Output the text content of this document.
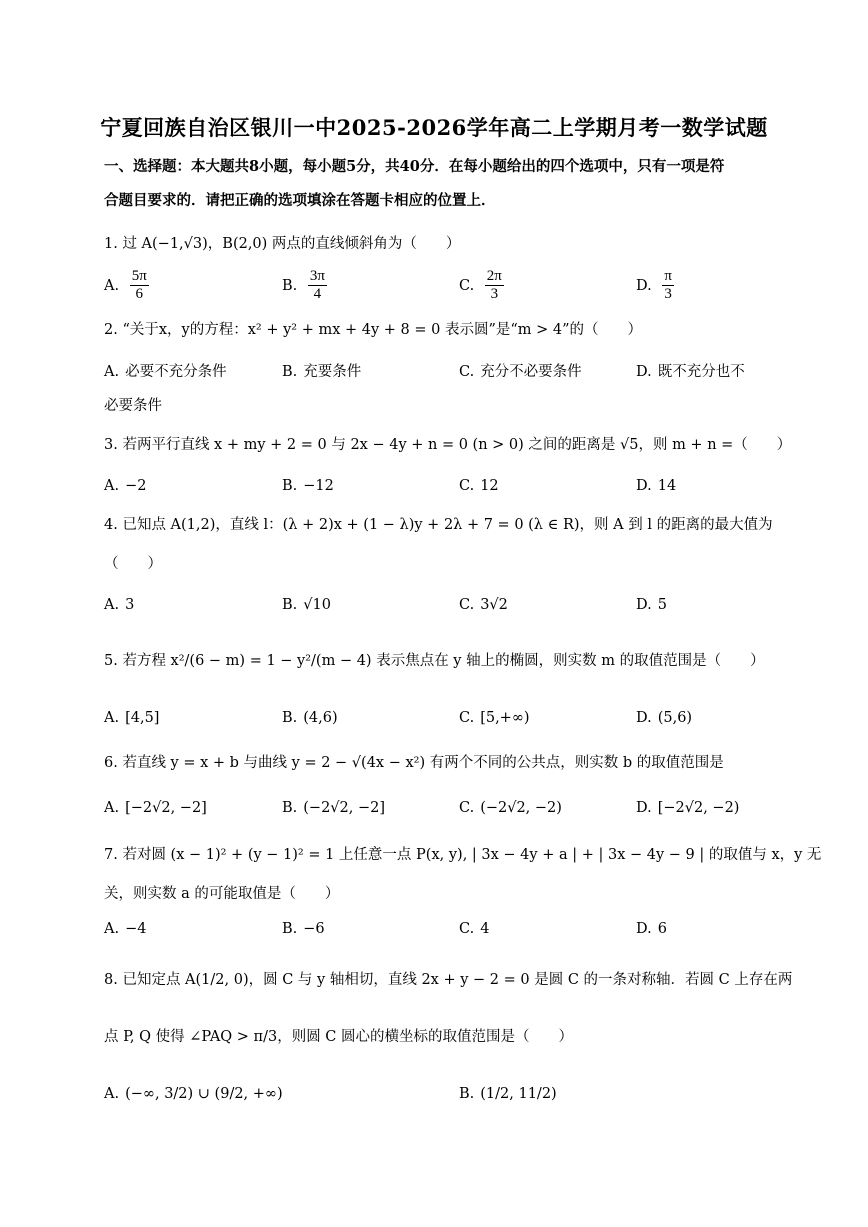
宁夏回族自治区银川一中2025-2026学年高二上学期月考一数学试题
一、选择题：本大题共8小题，每小题5分，共40分．在每小题给出的四个选项中，只有一项是符
合题目要求的．请把正确的选项填涂在答题卡相应的位置上．
1. 过 A(−1,√3)，B(2,0) 两点的直线倾斜角为（　　）
A. $\frac{5\pi}{6}$	B. $\frac{3\pi}{4}$	C. $\frac{2\pi}{3}$	D. $\frac{\pi}{3}$
2. “关于x，y的方程：x² + y² + mx + 4y + 8 = 0 表示圆”是“m > 4”的（　　）
A. 必要不充分条件	B. 充要条件	C. 充分不必要条件	D. 既不充分也不
必要条件
3. 若两平行直线 x + my + 2 = 0 与 2x − 4y + n = 0 (n > 0) 之间的距离是 √5，则 m + n =（　　）
A. −2	B. −12	C. 12	D. 14
4. 已知点 A(1,2)，直线 l：(λ + 2)x + (1 − λ)y + 2λ + 7 = 0 (λ ∈ R)，则 A 到 l 的距离的最大值为
（　　）
A. 3	B. √10	C. 3√2	D. 5
5. 若方程 x²/(6 − m) = 1 − y²/(m − 4) 表示焦点在 y 轴上的椭圆，则实数 m 的取值范围是（　　）
A. [4,5]	B. (4,6)	C. [5,+∞)	D. (5,6)
6. 若直线 y = x + b 与曲线 y = 2 − √(4x − x²) 有两个不同的公共点，则实数 b 的取值范围是
A. [−2√2, −2]	B. (−2√2, −2]	C. (−2√2, −2)	D. [−2√2, −2)
7. 若对圆 (x − 1)² + (y − 1)² = 1 上任意一点 P(x, y), | 3x − 4y + a | + | 3x − 4y − 9 | 的取值与 x，y 无
关，则实数 a 的可能取值是（　　）
A. −4	B. −6	C. 4	D. 6
8. 已知定点 A(1/2, 0)，圆 C 与 y 轴相切，直线 2x + y − 2 = 0 是圆 C 的一条对称轴．若圆 C 上存在两
点 P, Q 使得 ∠PAQ > π/3，则圆 C 圆心的横坐标的取值范围是（　　）
A. (−∞, 3/2) ∪ (9/2, +∞)	B. (1/2, 11/2)
